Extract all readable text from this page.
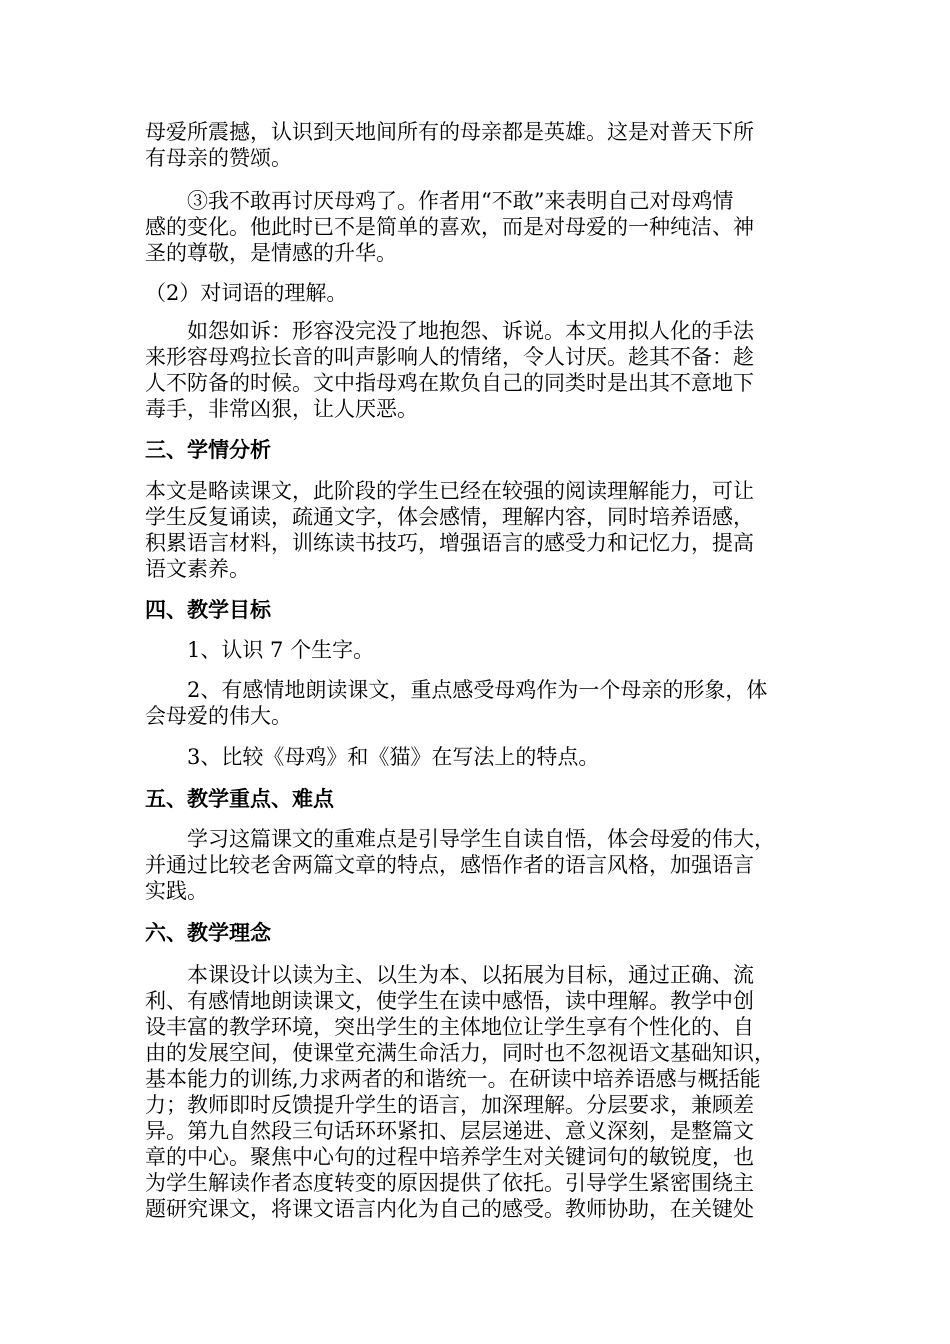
母爱所震撼，认识到天地间所有的母亲都是英雄。这是对普天下所
有母亲的赞颂。
　　③我不敢再讨厌母鸡了。作者用“不敢”来表明自己对母鸡情
感的变化。他此时已不是简单的喜欢，而是对母爱的一种纯洁、神
圣的尊敬，是情感的升华。
（2）对词语的理解。
　　如怨如诉：形容没完没了地抱怨、诉说。本文用拟人化的手法
来形容母鸡拉长音的叫声影响人的情绪，令人讨厌。趁其不备：趁
人不防备的时候。文中指母鸡在欺负自己的同类时是出其不意地下
毒手，非常凶狠，让人厌恶。
三、学情分析
本文是略读课文，此阶段的学生已经在较强的阅读理解能力，可让
学生反复诵读，疏通文字，体会感情，理解内容，同时培养语感，
积累语言材料，训练读书技巧，增强语言的感受力和记忆力，提高
语文素养。
四、教学目标
　　1、认识 7 个生字。
　　2、有感情地朗读课文，重点感受母鸡作为一个母亲的形象，体
会母爱的伟大。
　　3、比较《母鸡》和《猫》在写法上的特点。
五、教学重点、难点
　　学习这篇课文的重难点是引导学生自读自悟，体会母爱的伟大，
并通过比较老舍两篇文章的特点，感悟作者的语言风格，加强语言
实践。
六、教学理念
　　本课设计以读为主、以生为本、以拓展为目标，通过正确、流
利、有感情地朗读课文，使学生在读中感悟，读中理解。教学中创
设丰富的教学环境，突出学生的主体地位让学生享有个性化的、自
由的发展空间，使课堂充满生命活力，同时也不忽视语文基础知识，
基本能力的训练,力求两者的和谐统一。在研读中培养语感与概括能
力；教师即时反馈提升学生的语言，加深理解。分层要求，兼顾差
异。第九自然段三句话环环紧扣、层层递进、意义深刻，是整篇文
章的中心。聚焦中心句的过程中培养学生对关键词句的敏锐度，也
为学生解读作者态度转变的原因提供了依托。引导学生紧密围绕主
题研究课文，将课文语言内化为自己的感受。教师协助，在关键处
